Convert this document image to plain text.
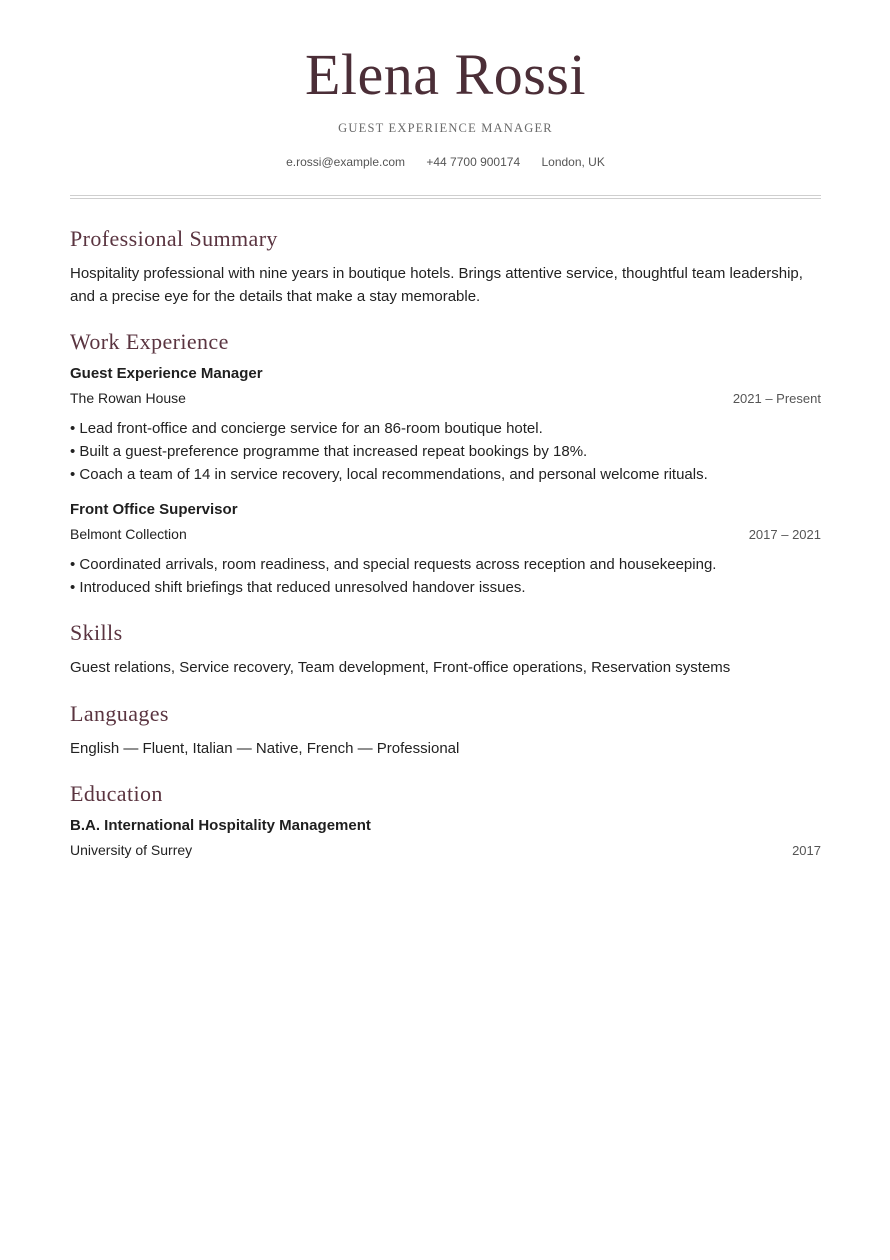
Elena Rossi
GUEST EXPERIENCE MANAGER
e.rossi@example.com +44 7700 900174 London, UK
Professional Summary
Hospitality professional with nine years in boutique hotels. Brings attentive service, thoughtful team leadership, and a precise eye for the details that make a stay memorable.
Work Experience
Guest Experience Manager
The Rowan House	2021 – Present
• Lead front-office and concierge service for an 86-room boutique hotel.
• Built a guest-preference programme that increased repeat bookings by 18%.
• Coach a team of 14 in service recovery, local recommendations, and personal welcome rituals.
Front Office Supervisor
Belmont Collection	2017 – 2021
• Coordinated arrivals, room readiness, and special requests across reception and housekeeping.
• Introduced shift briefings that reduced unresolved handover issues.
Skills
Guest relations, Service recovery, Team development, Front-office operations, Reservation systems
Languages
English — Fluent, Italian — Native, French — Professional
Education
B.A. International Hospitality Management
University of Surrey	2017
